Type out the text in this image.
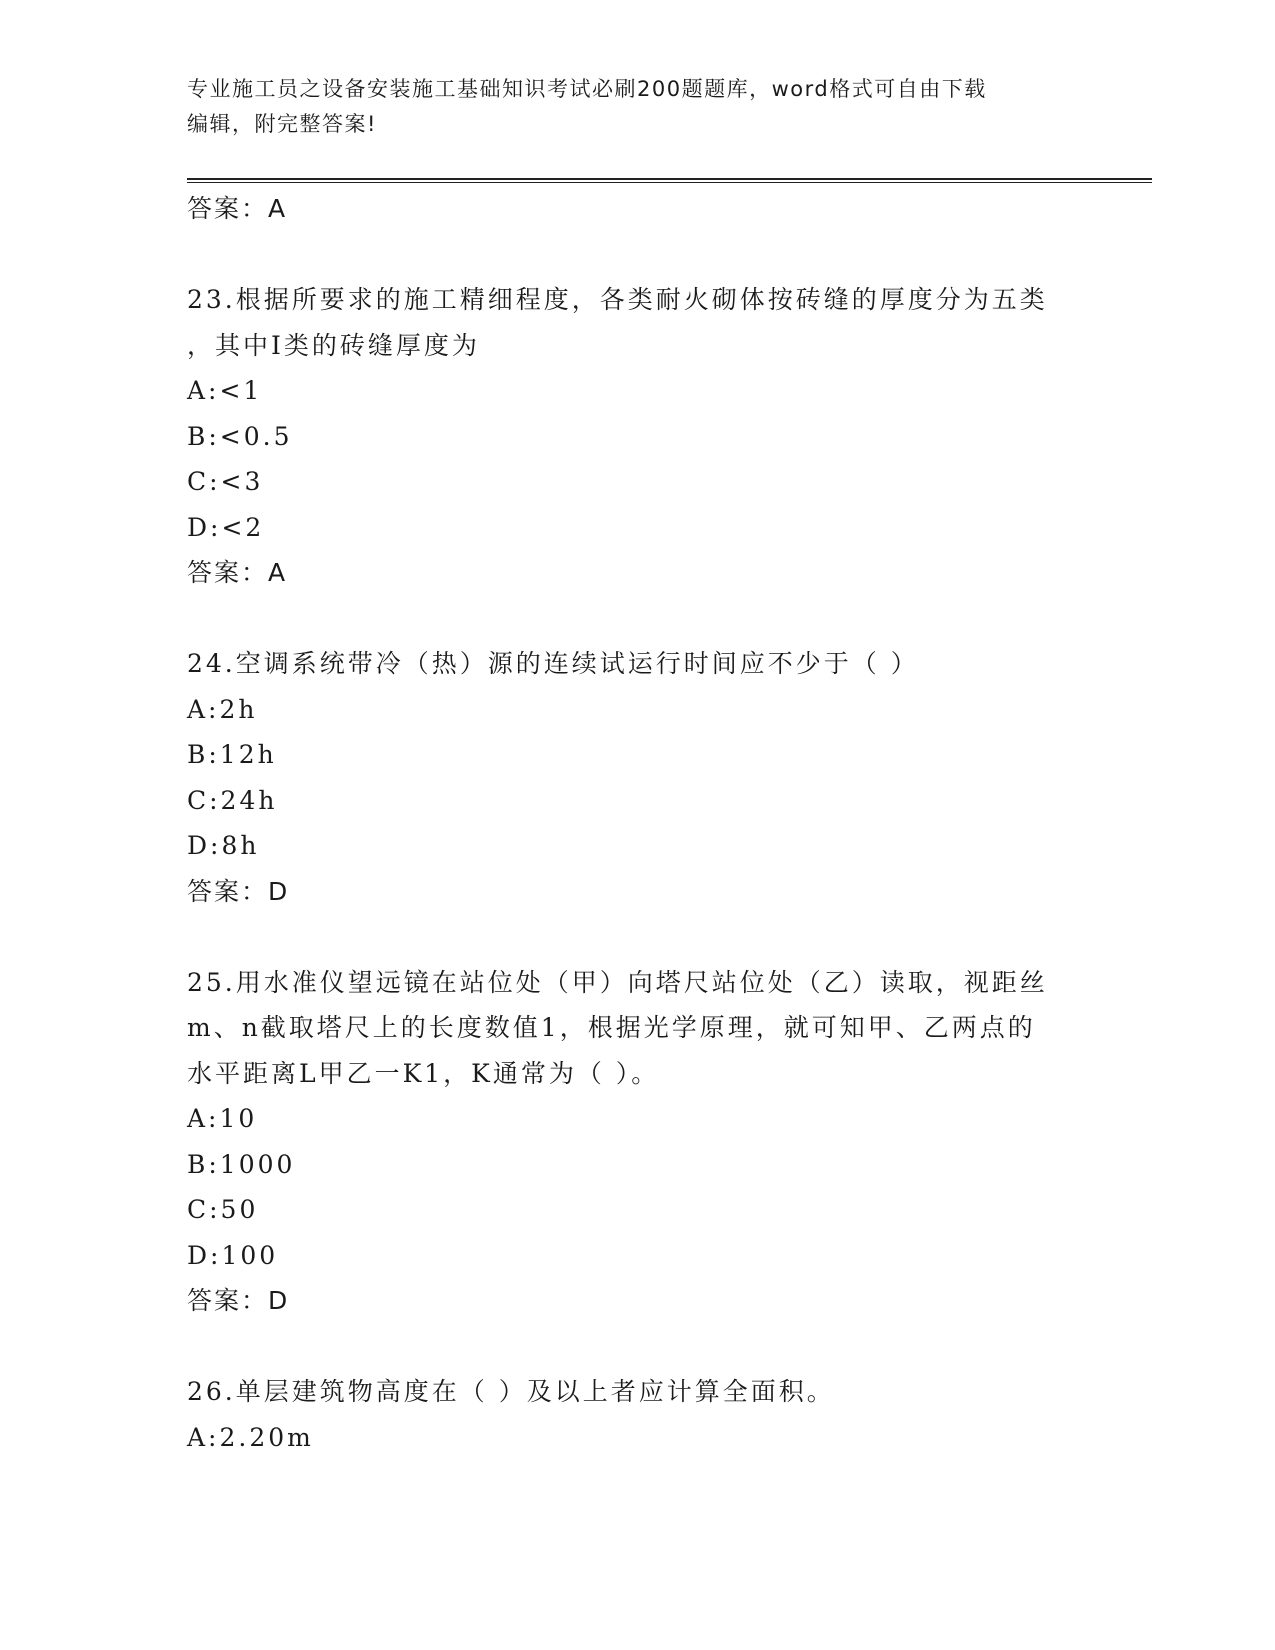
专业施工员之设备安装施工基础知识考试必刷200题题库，word格式可自由下载
编辑，附完整答案!
答案：A
23.根据所要求的施工精细程度，各类耐火砌体按砖缝的厚度分为五类
，其中I类的砖缝厚度为
A:<1
B:<0.5
C:<3
D:<2
答案：A
24.空调系统带冷（热）源的连续试运行时间应不少于（ ）
A:2h
B:12h
C:24h
D:8h
答案：D
25.用水准仪望远镜在站位处（甲）向塔尺站位处（乙）读取，视距丝
m、n截取塔尺上的长度数值1，根据光学原理，就可知甲、乙两点的
水平距离L甲乙一K1，K通常为（ ）。
A:10
B:1000
C:50
D:100
答案：D
26.单层建筑物高度在（ ）及以上者应计算全面积。
A:2.20m
